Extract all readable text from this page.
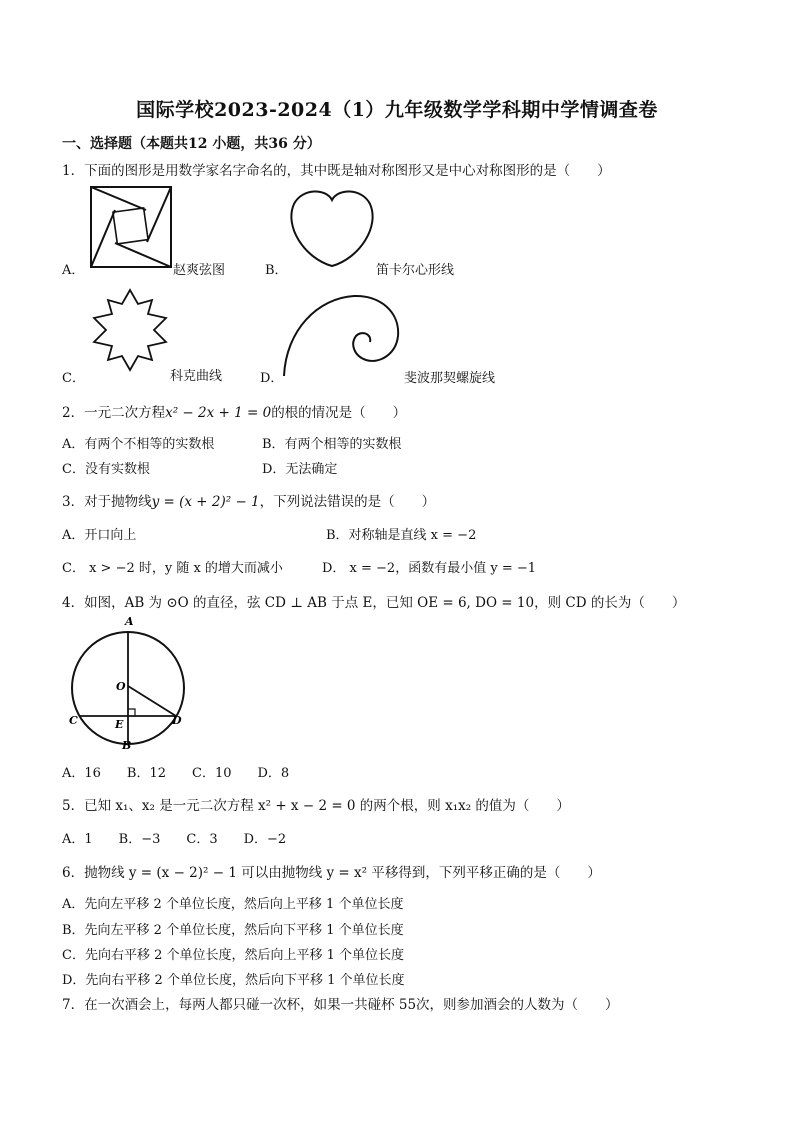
国际学校2023-2024（1）九年级数学学科期中学情调查卷
一、选择题（本题共12 小题，共36 分）
1．下面的图形是用数学家名字命名的，其中既是轴对称图形又是中心对称图形的是（　　）
A．	赵爽弦图	B．	笛卡尔心形线
C．	科克曲线	D．	斐波那契螺旋线
2．一元二次方程x² − 2x + 1 = 0的根的情况是（　　）
A．有两个不相等的实数根	B．有两个相等的实数根
C．没有实数根	D．无法确定
3．对于抛物线y = (x + 2)² − 1，下列说法错误的是（　　）
A．开口向上	B．对称轴是直线 x = −2
C． x > −2 时，y 随 x 的增大而减小	D． x = −2，函数有最小值 y = −1
4．如图，AB 为 ⊙O 的直径，弦 CD ⊥ AB 于点 E，已知 OE = 6, DO = 10，则 CD 的长为（　　）
A
O
C	E	D
B
A．16　　B．12　　C．10　　D．8
5．已知 x₁、x₂ 是一元二次方程 x² + x − 2 = 0 的两个根，则 x₁x₂ 的值为（　　）
A．1　　B．−3　　C．3　　D．−2
6．抛物线 y = (x − 2)² − 1 可以由抛物线 y = x² 平移得到，下列平移正确的是（　　）
A．先向左平移 2 个单位长度，然后向上平移 1 个单位长度
B．先向左平移 2 个单位长度，然后向下平移 1 个单位长度
C．先向右平移 2 个单位长度，然后向上平移 1 个单位长度
D．先向右平移 2 个单位长度，然后向下平移 1 个单位长度
7．在一次酒会上，每两人都只碰一次杯，如果一共碰杯 55次，则参加酒会的人数为（　　）
